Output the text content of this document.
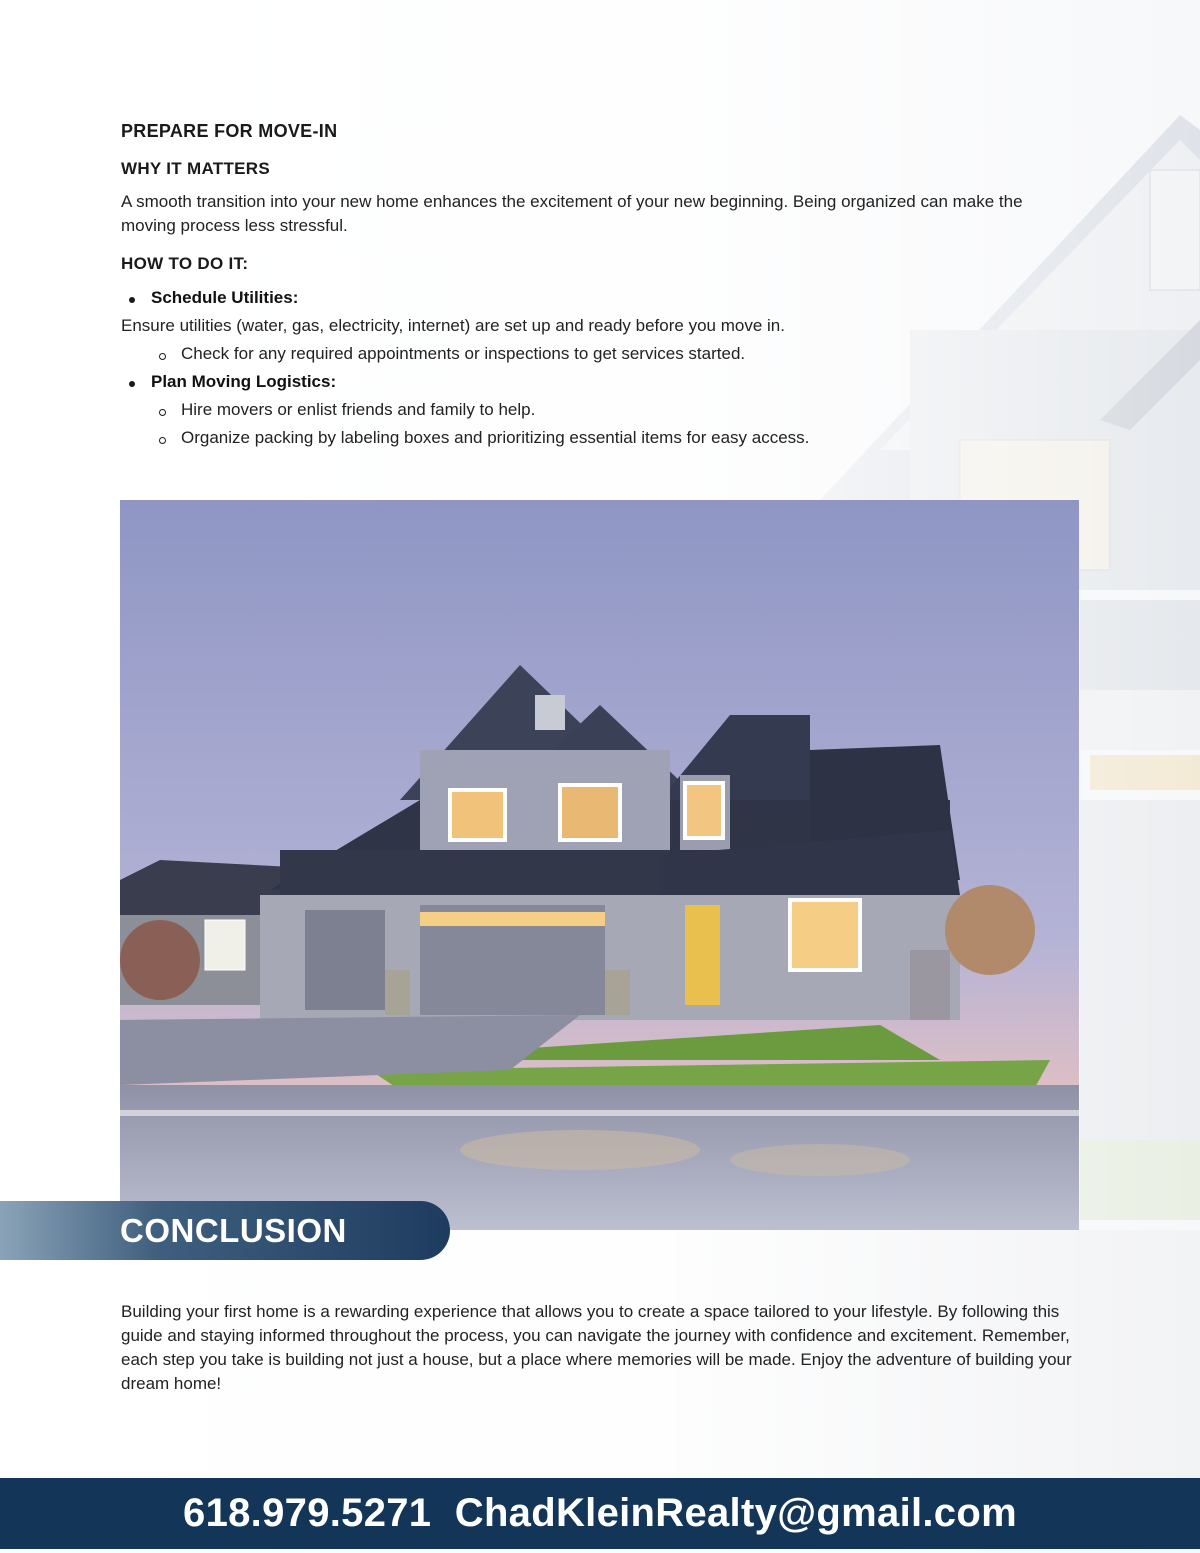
PREPARE FOR MOVE-IN
WHY IT MATTERS

A smooth transition into your new home enhances the excitement of your new beginning. Being organized can make the moving process less stressful.

HOW TO DO IT:
Schedule Utilities:
Ensure utilities (water, gas, electricity, internet) are set up and ready before you move in.
Check for any required appointments or inspections to get services started.
Plan Moving Logistics:
Hire movers or enlist friends and family to help.
Organize packing by labeling boxes and prioritizing essential items for easy access.
CONCLUSION

Building your first home is a rewarding experience that allows you to create a space tailored to your lifestyle. By following this guide and staying informed throughout the process, you can navigate the journey with confidence and excitement. Remember, each step you take is building not just a house, but a place where memories will be made. Enjoy the adventure of building your dream home!

618.979.5271 ChadKleinRealty@gmail.com
